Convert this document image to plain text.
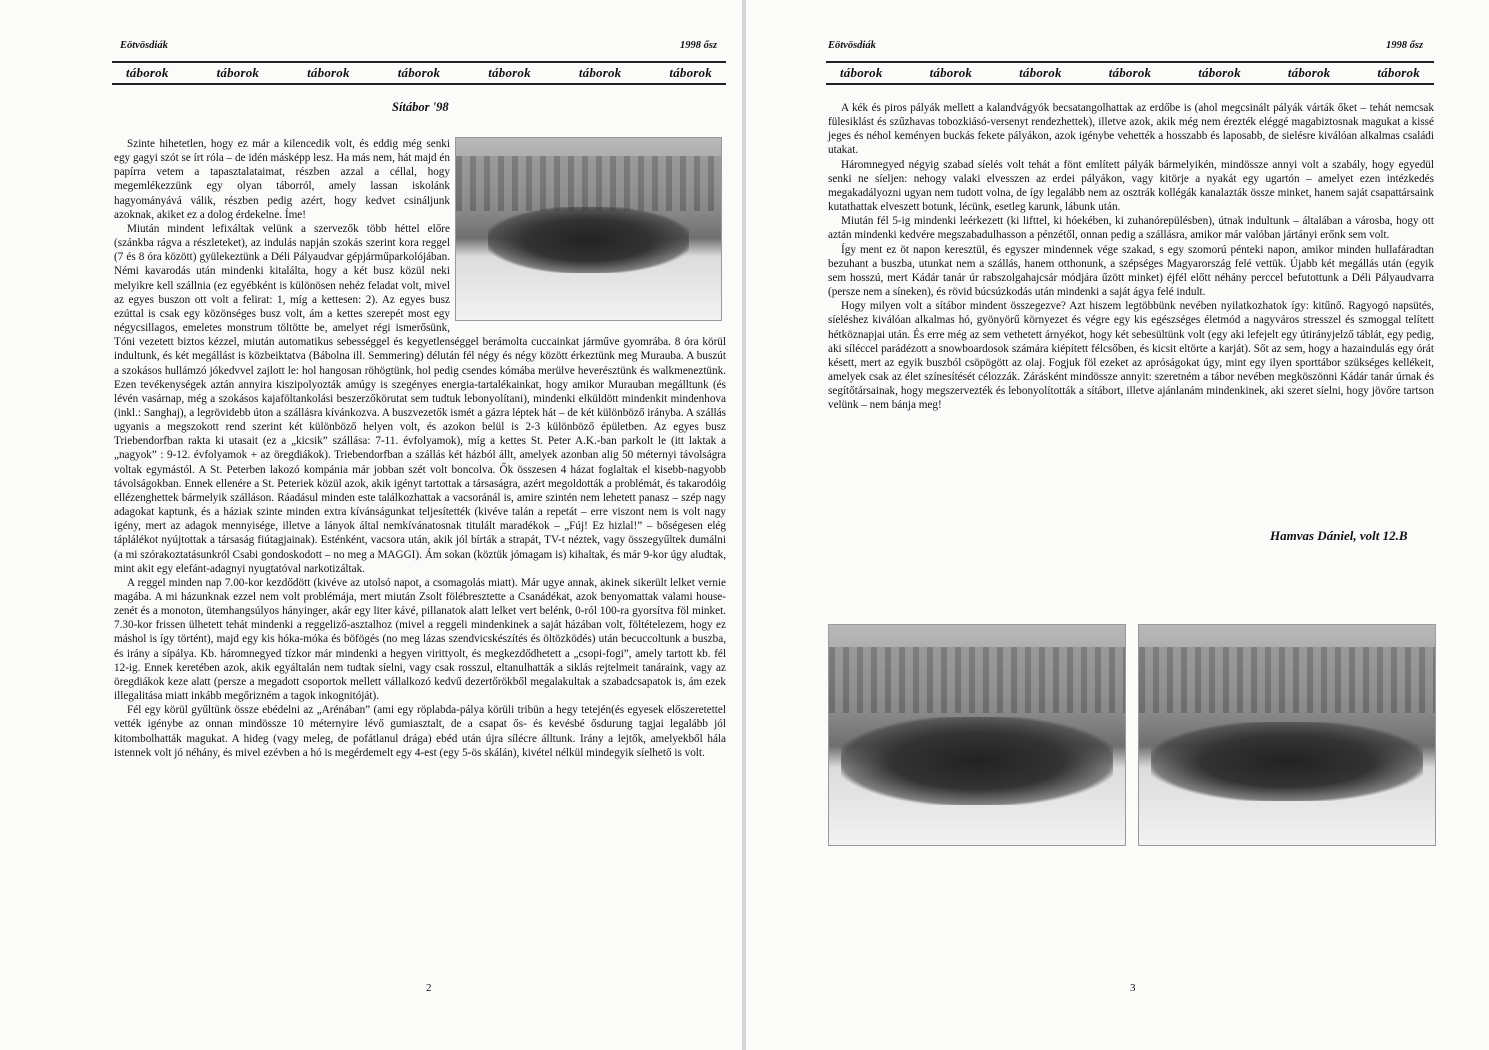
Eötvösdiák	1998 ősz
táborok	táborok	táborok	táborok	táborok	táborok	táborok
Sítábor '98

Szinte hihetetlen, hogy ez már a kilencedik volt, és eddig még senki egy gagyi szót se írt róla – de idén másképp lesz. Ha más nem, hát majd én papírra vetem a tapasztalataimat, részben azzal a céllal, hogy megemlékezzünk egy olyan táborról, amely lassan iskolánk hagyományává válik, részben pedig azért, hogy kedvet csináljunk azoknak, akiket ez a dolog érdekelne. Íme!

Miután mindent lefixáltak velünk a szervezők több héttel előre (szánkba rágva a részleteket), az indulás napján szokás szerint kora reggel (7 és 8 óra között) gyülekeztünk a Déli Pályaudvar gépjárműparkolójában. Némi kavarodás után mindenki kitalálta, hogy a két busz közül neki melyikre kell szállnia (ez egyébként is különösen nehéz feladat volt, mivel az egyes buszon ott volt a felirat: 1, míg a kettesen: 2). Az egyes busz ezúttal is csak egy közönséges busz volt, ám a kettes szerepét most egy négycsillagos, emeletes monstrum töltötte be, amelyet régi ismerősünk, Tóni vezetett biztos kézzel, miután automatikus sebességgel és kegyetlenséggel berámolta cuccainkat járműve gyomrába. 8 óra körül indultunk, és két megállást is közbeiktatva (Bábolna ill. Semmering) délután fél négy és négy között érkeztünk meg Murauba. A buszút a szokásos hullámzó jókedvvel zajlott le: hol hangosan röhögtünk, hol pedig csendes kómába merülve heverésztünk és walkmeneztünk. Ezen tevékenységek aztán annyira kiszipolyozták amúgy is szegényes energia-tartalékainkat, hogy amikor Murauban megálltunk (és lévén vasárnap, még a szokásos kajaföltankolási beszerzőkörutat sem tudtuk lebonyolítani), mindenki elküldött mindenkit mindenhova (inkl.: Sanghaj), a legrövidebb úton a szállásra kívánkozva. A buszvezetők ismét a gázra léptek hát – de két különböző irányba. A szállás ugyanis a megszokott rend szerint két különböző helyen volt, és azokon belül is 2-3 különböző épületben. Az egyes busz Triebendorfban rakta ki utasait (ez a „kicsik” szállása: 7-11. évfolyamok), míg a kettes St. Peter A.K.-ban parkolt le (itt laktak a „nagyok” : 9-12. évfolyamok + az öregdiákok). Triebendorfban a szállás két házból állt, amelyek azonban alig 50 méternyi távolságra voltak egymástól. A St. Peterben lakozó kompánia már jobban szét volt boncolva. Ők összesen 4 házat foglaltak el kisebb-nagyobb távolságokban. Ennek ellenére a St. Peteriek közül azok, akik igényt tartottak a társaságra, azért megoldották a problémát, és takarodóig ellézenghettek bármelyik szálláson. Ráadásul minden este találkozhattak a vacsoránál is, amire szintén nem lehetett panasz – szép nagy adagokat kaptunk, és a háziak szinte minden extra kívánságunkat teljesítették (kivéve talán a repetát – erre viszont nem is volt nagy igény, mert az adagok mennyisége, illetve a lányok által nemkívánatosnak titulált maradékok – „Fúj! Ez hizlal!” – bőségesen elég táplálékot nyújtottak a társaság fiútagjainak). Esténként, vacsora után, akik jól bírták a strapát, TV-t néztek, vagy összegyűltek dumálni (a mi szórakoztatásunkról Csabi gondoskodott – no meg a MAGGI). Ám sokan (köztük jómagam is) kihaltak, és már 9-kor úgy aludtak, mint akit egy elefánt-adagnyi nyugtatóval narkotizáltak.

A reggel minden nap 7.00-kor kezdődött (kivéve az utolsó napot, a csomagolás miatt). Már ugye annak, akinek sikerült lelket vernie magába. A mi házunknak ezzel nem volt problémája, mert miután Zsolt fölébresztette a Csanádékat, azok benyomattak valami house-zenét és a monoton, ütemhangsúlyos hányinger, akár egy liter kávé, pillanatok alatt lelket vert belénk, 0-ról 100-ra gyorsítva föl minket. 7.30-kor frissen ülhetett tehát mindenki a reggeliző-asztalhoz (mivel a reggeli mindenkinek a saját házában volt, föltételezem, hogy ez máshol is így történt), majd egy kis hóka-móka és böfögés (no meg lázas szendvicskészítés és öltözködés) után becuccoltunk a buszba, és irány a sípálya. Kb. háromnegyed tízkor már mindenki a hegyen virittyolt, és megkezdődhetett a „csopi-fogi”, amely tartott kb. fél 12-ig. Ennek keretében azok, akik egyáltalán nem tudtak síelni, vagy csak rosszul, eltanulhatták a siklás rejtelmeit tanáraink, vagy az öregdiákok keze alatt (persze a megadott csoportok mellett vállalkozó kedvű dezertőrökből megalakultak a szabadcsapatok is, ám ezek illegalitása miatt inkább megőrizném a tagok inkognitóját).

Fél egy körül gyűltünk össze ebédelni az „Arénában” (ami egy röplabda-pálya körüli tribün a hegy tetején(és egyesek előszeretettel vették igénybe az onnan mindössze 10 méternyire lévő gumiasztalt, de a csapat ős- és kevésbé ősdurung tagjai legalább jól kitombolhatták magukat. A hideg (vagy meleg, de pofátlanul drága) ebéd után újra sílécre álltunk. Irány a lejtők, amelyekből hála istennek volt jó néhány, és mivel ezévben a hó is megérdemelt egy 4-est (egy 5-ös skálán), kivétel nélkül mindegyik síelhető is volt.

2
Eötvösdiák	1998 ősz
táborok	táborok	táborok	táborok	táborok	táborok	táborok

A kék és piros pályák mellett a kalandvágyók becsatangolhattak az erdőbe is (ahol megcsinált pályák várták őket – tehát nemcsak fülesiklást és szűzhavas tobozkiásó-versenyt rendezhettek), illetve azok, akik még nem érezték eléggé magabiztosnak magukat a kissé jeges és néhol keményen buckás fekete pályákon, azok igénybe vehették a hosszabb és laposabb, de sielésre kiválóan alkalmas családi utakat.

Háromnegyed négyig szabad síelés volt tehát a fönt említett pályák bármelyikén, mindössze annyi volt a szabály, hogy egyedül senki ne síeljen: nehogy valaki elvesszen az erdei pályákon, vagy kitörje a nyakát egy ugartón – amelyet ezen intézkedés megakadályozni ugyan nem tudott volna, de így legalább nem az osztrák kollégák kanalazták össze minket, hanem saját csapattársaink kutathattak elveszett botunk, lécünk, esetleg karunk, lábunk után.

Miután fél 5-ig mindenki leérkezett (ki lifttel, ki hóekében, ki zuhanórepülésben), útnak indultunk – általában a városba, hogy ott aztán mindenki kedvére megszabadulhasson a pénzétől, onnan pedig a szállásra, amikor már valóban jártányi erőnk sem volt.

Így ment ez öt napon keresztül, és egyszer mindennek vége szakad, s egy szomorú pénteki napon, amikor minden hullafáradtan bezuhant a buszba, utunkat nem a szállás, hanem otthonunk, a szépséges Magyarország felé vettük. Újabb két megállás után (egyik sem hosszú, mert Kádár tanár úr rabszolgahajcsár módjára űzött minket) éjfél előtt néhány perccel befutottunk a Déli Pályaudvarra (persze nem a síneken), és rövid búcsúzkodás után mindenki a saját ágya felé indult.

Hogy milyen volt a sítábor mindent összegezve? Azt hiszem legtöbbünk nevében nyilatkozhatok így: kitűnő. Ragyogó napsütés, síeléshez kiválóan alkalmas hó, gyönyörű környezet és végre egy kis egészséges életmód a nagyváros stresszel és szmoggal telített hétköznapjai után. És erre még az sem vethetett árnyékot, hogy két sebesültünk volt (egy aki lefejelt egy útirányjelző táblát, egy pedig, aki síléccel parádézott a snowboardosok számára kiépített félcsőben, és kicsit eltörte a karját). Sőt az sem, hogy a hazaindulás egy órát késett, mert az egyik buszból csöpögött az olaj. Fogjuk föl ezeket az apróságokat úgy, mint egy ilyen sporttábor szükséges kellékeit, amelyek csak az élet színesítését célozzák. Zárásként mindössze annyit: szeretném a tábor nevében megköszönni Kádár tanár úrnak és segítőtársainak, hogy megszervezték és lebonyolították a sítábort, illetve ajánlanám mindenkinek, aki szeret síelni, hogy jövőre tartson velünk – nem bánja meg!

Hamvas Dániel, volt 12.B
3
